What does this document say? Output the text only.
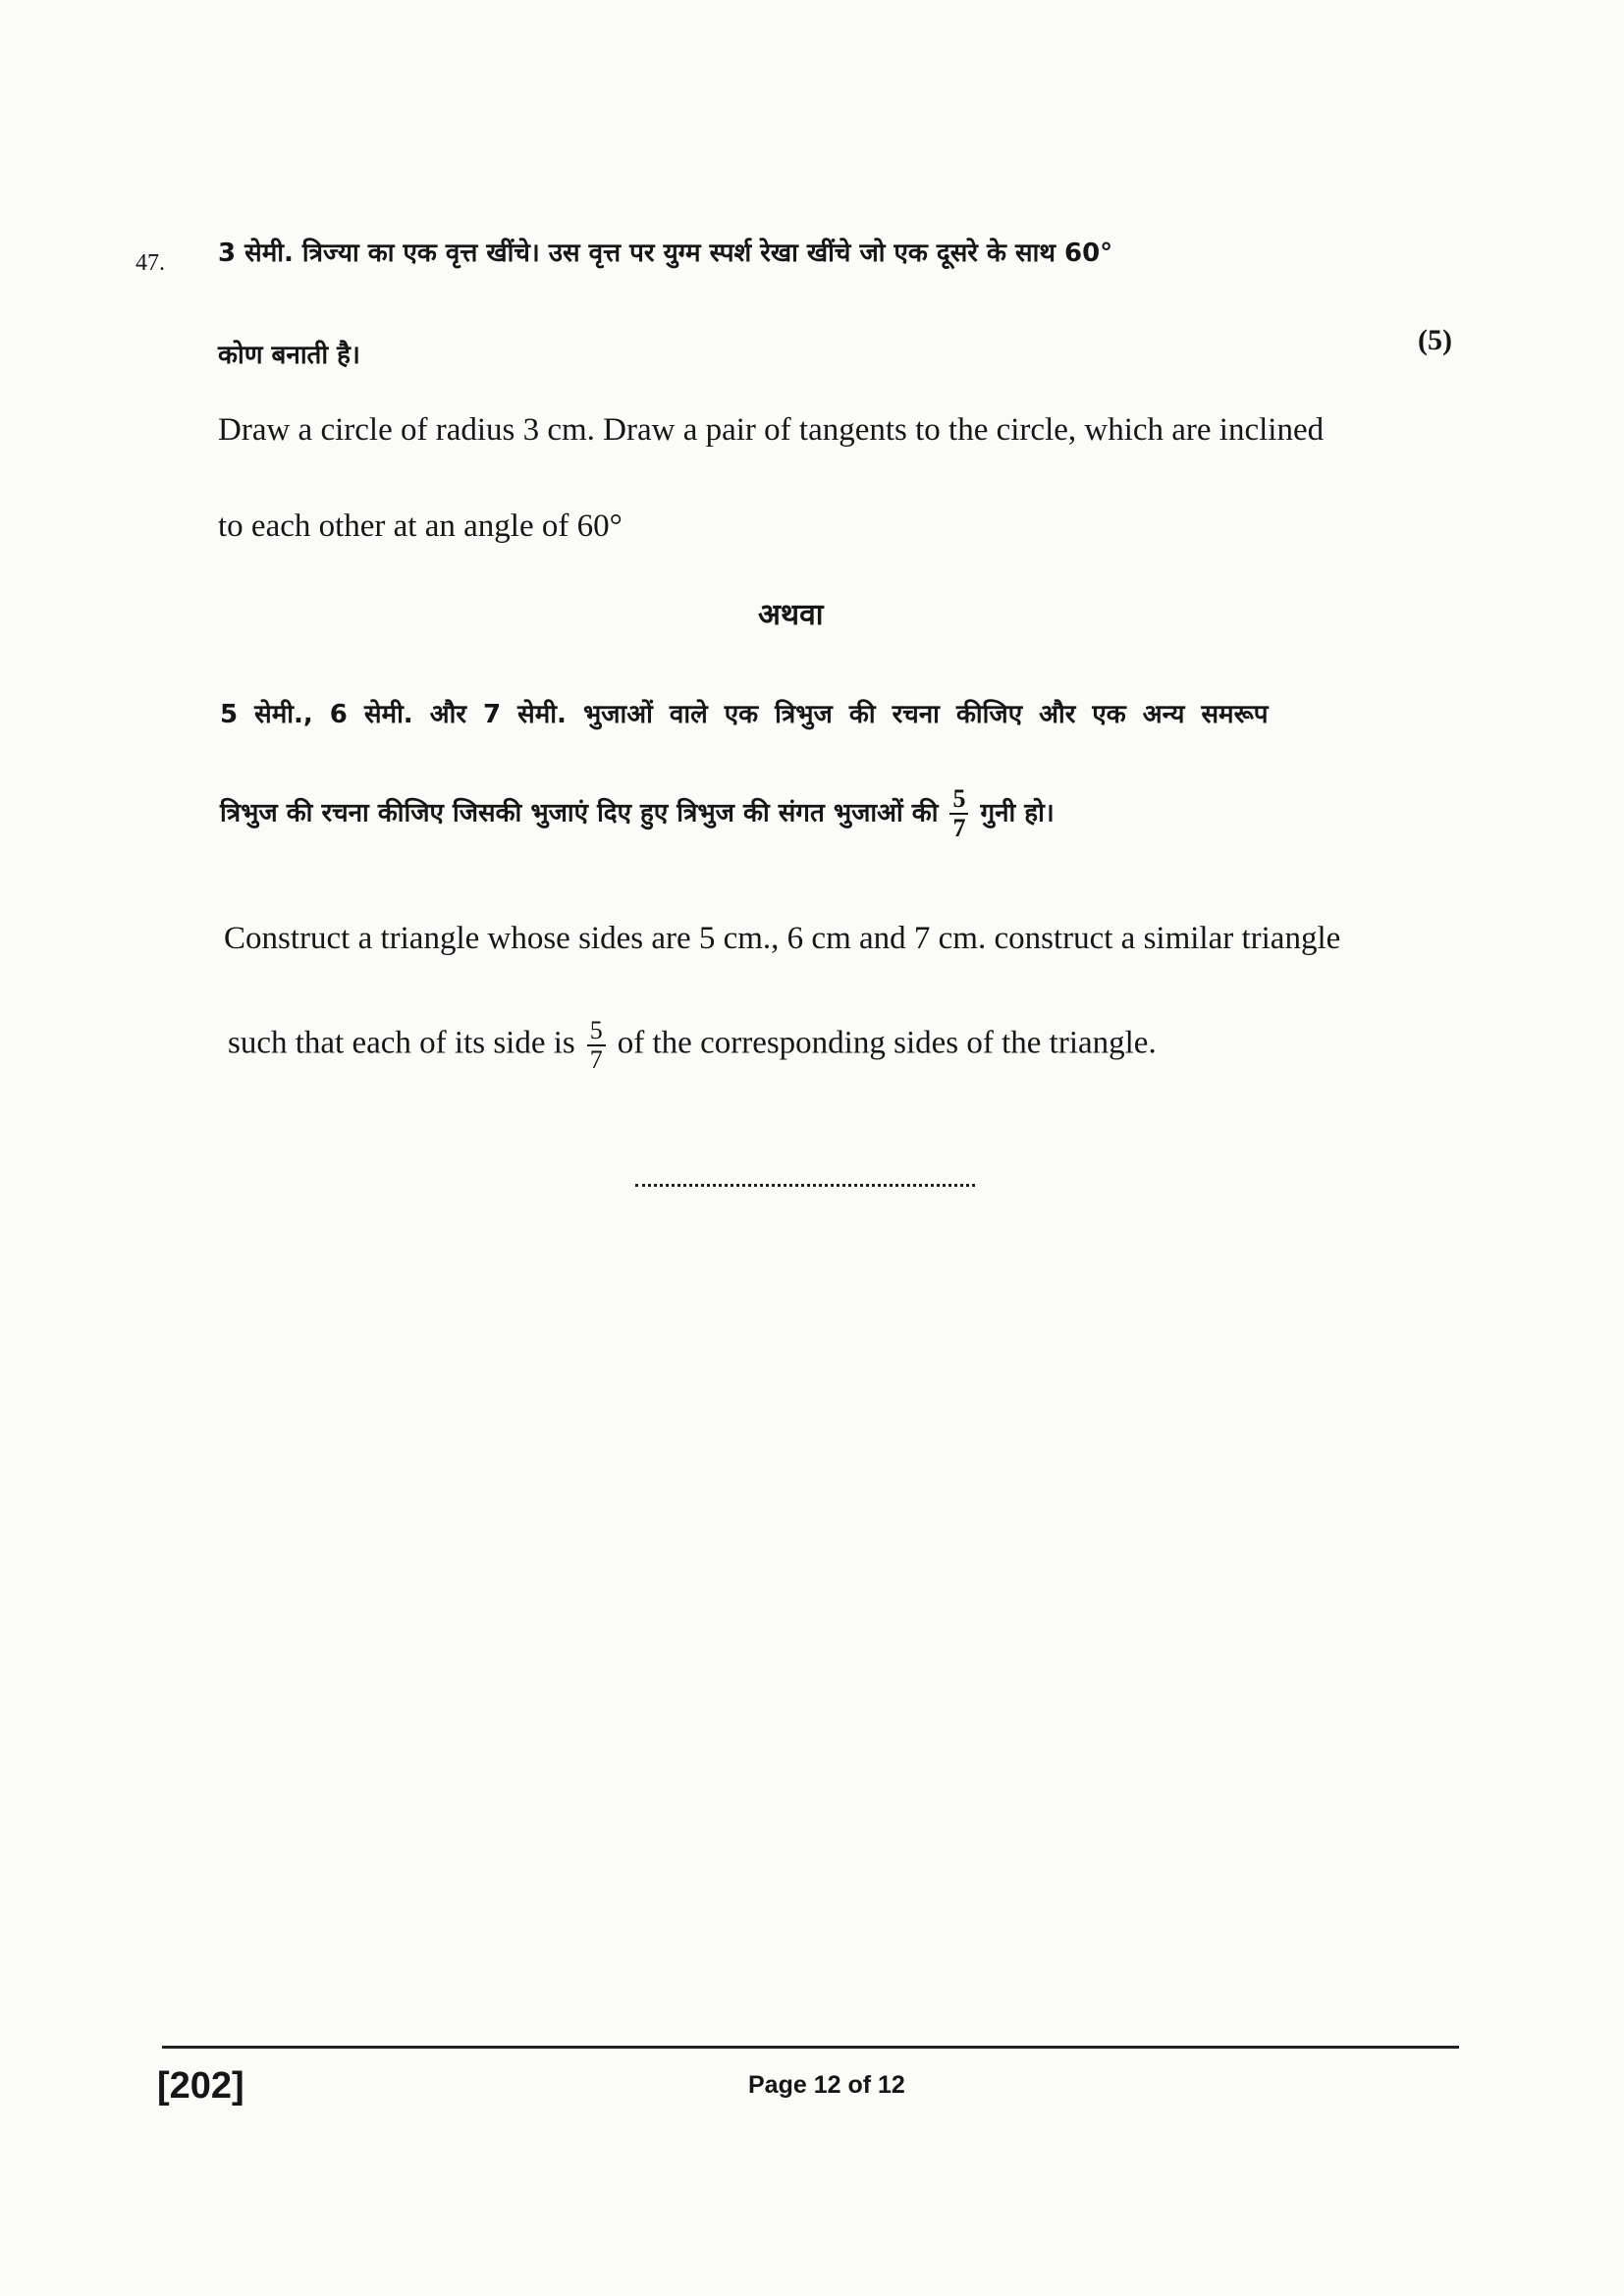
47. 3 सेमी. त्रिज्या का एक वृत्त खींचे। उस वृत्त पर युग्म स्पर्श रेखा खींचे जो एक दूसरे के साथ 60°
कोण बनाती है।	(5)
Draw a circle of radius 3 cm. Draw a pair of tangents to the circle, which are inclined
to each other at an angle of 60°
अथवा
5 सेमी., 6 सेमी. और 7 सेमी. भुजाओं वाले एक त्रिभुज की रचना कीजिए और एक अन्य समरूप
त्रिभुज की रचना कीजिए जिसकी भुजाएं दिए हुए त्रिभुज की संगत भुजाओं की $\frac{5}{7}$ गुनी हो।
Construct a triangle whose sides are 5 cm., 6 cm and 7 cm. construct a similar triangle
such that each of its side is $\frac{5}{7}$ of the corresponding sides of the triangle.
[202]	Page 12 of 12
